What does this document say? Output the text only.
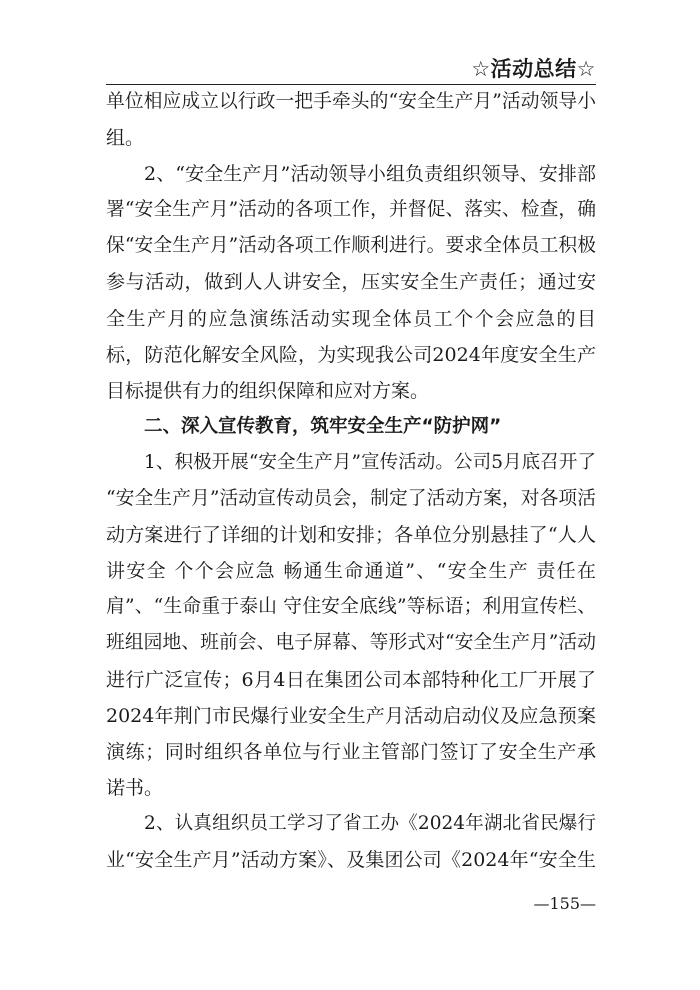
☆活动总结☆
单位相应成立以行政一把手牵头的“安全生产月”活动领导小
组。
2、“安全生产月”活动领导小组负责组织领导、安排部
署“安全生产月”活动的各项工作，并督促、落实、检查，确
保“安全生产月”活动各项工作顺利进行。要求全体员工积极
参与活动，做到人人讲安全，压实安全生产责任；通过安
全生产月的应急演练活动实现全体员工个个会应急的目
标，防范化解安全风险，为实现我公司2024年度安全生产
目标提供有力的组织保障和应对方案。
二、深入宣传教育，筑牢安全生产“防护网”
1、积极开展“安全生产月”宣传活动。公司5月底召开了
“安全生产月”活动宣传动员会，制定了活动方案，对各项活
动方案进行了详细的计划和安排；各单位分别悬挂了“人人
讲安全 个个会应急 畅通生命通道”、“安全生产 责任在
肩”、“生命重于泰山 守住安全底线”等标语；利用宣传栏、
班组园地、班前会、电子屏幕、等形式对“安全生产月”活动
进行广泛宣传；6月4日在集团公司本部特种化工厂开展了
2024年荆门市民爆行业安全生产月活动启动仪及应急预案
演练；同时组织各单位与行业主管部门签订了安全生产承
诺书。
2、认真组织员工学习了省工办《2024年湖北省民爆行
业“安全生产月”活动方案》、及集团公司《2024年“安全生
—155—
